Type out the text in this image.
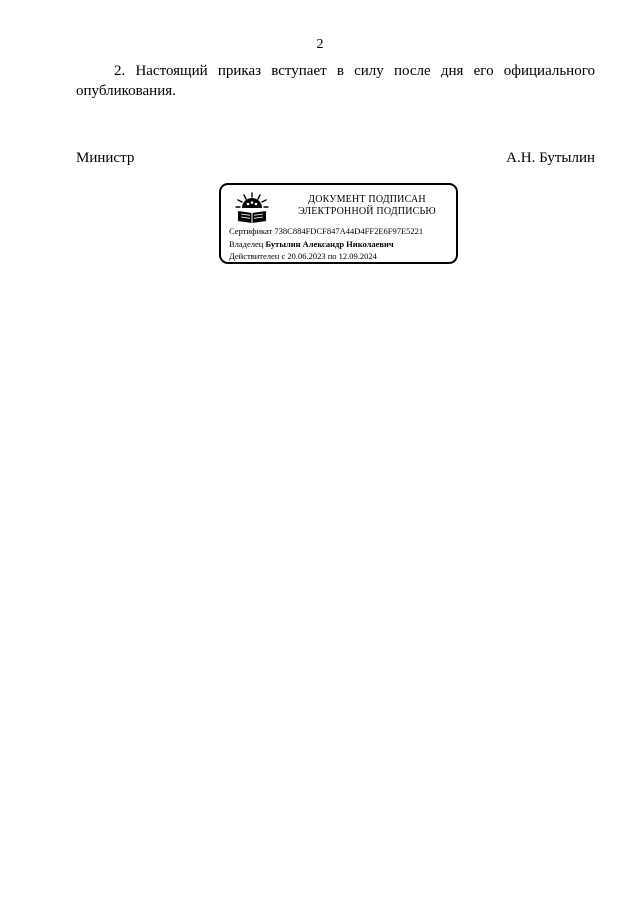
2
2. Настоящий приказ вступает в силу после дня его официального опубликования.
Министр	А.Н. Бутылин
ДОКУМЕНТ ПОДПИСАН
ЭЛЕКТРОННОЙ ПОДПИСЬЮ
Сертификат 738C884FDCF847A44D4FF2E6F97E5221
Владелец Бутылин Александр Николаевич
Действителен с 20.06.2023 по 12.09.2024
